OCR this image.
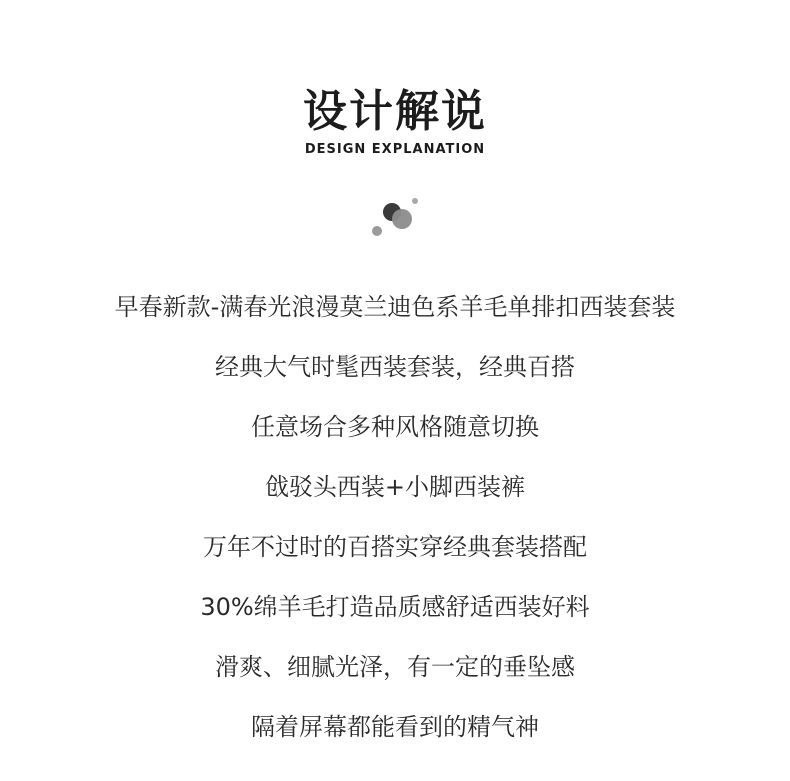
设计解说
DESIGN EXPLANATION
早春新款-满春光浪漫莫兰迪色系羊毛单排扣西装套装
经典大气时髦西装套装，经典百搭
任意场合多种风格随意切换
戗驳头西装+小脚西装裤
万年不过时的百搭实穿经典套装搭配
30%绵羊毛打造品质感舒适西装好料
滑爽、细腻光泽，有一定的垂坠感
隔着屏幕都能看到的精气神
